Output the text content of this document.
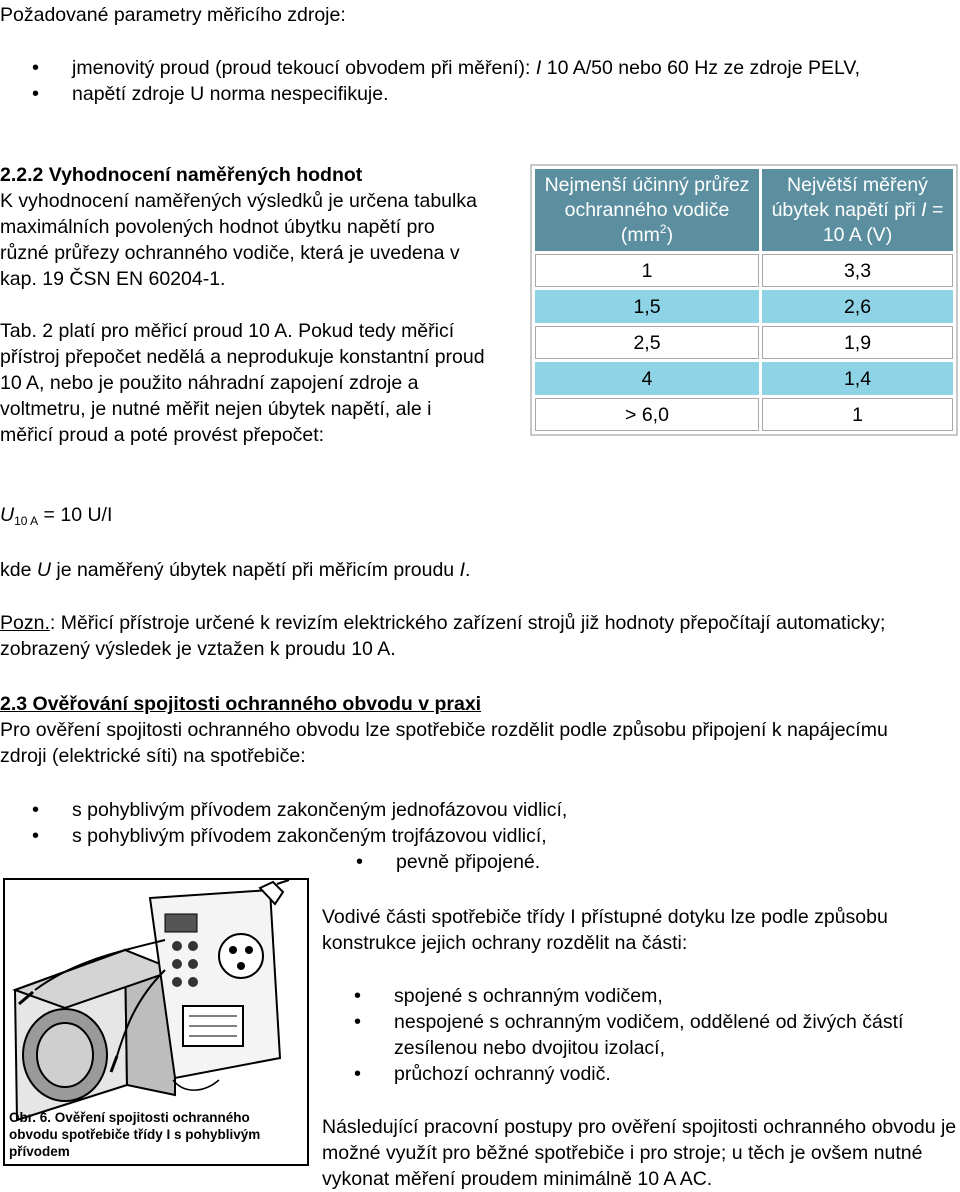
Požadované parametry měřicího zdroje:

• jmenovitý proud (proud tekoucí obvodem při měření): I 10 A/50 nebo 60 Hz ze zdroje PELV,
• napětí zdroje U norma nespecifikuje.

2.2.2 Vyhodnocení naměřených hodnot

K vyhodnocení naměřených výsledků je určena tabulka maximálních povolených hodnot úbytku napětí pro různé průřezy ochranného vodiče, která je uvedena v kap. 19 ČSN EN 60204-1.

Tab. 2 platí pro měřicí proud 10 A. Pokud tedy měřicí přístroj přepočet nedělá a neprodukuje konstantní proud 10 A, nebo je použito náhradní zapojení zdroje a voltmetru, je nutné měřit nejen úbytek napětí, ale i měřicí proud a poté provést přepočet:

Nejmenší účinný průřez ochranného vodiče $(mm^2)$	Největší měřený úbytek napětí při I = 10 A (V)
1	3,3
1,5	2,6
2,5	1,9
4	1,4
> 6,0	1

$U_{10 A} = 10$ U/I

kde U je naměřený úbytek napětí při měřicím proudu I.

Pozn.: Měřicí přístroje určené k revizím elektrického zařízení strojů již hodnoty přepočítají automaticky; zobrazený výsledek je vztažen k proudu 10 A.

2.3 Ověřování spojitosti ochranného obvodu v praxi

Pro ověření spojitosti ochranného obvodu lze spotřebiče rozdělit podle způsobu připojení k napájecímu zdroji (elektrické síti) na spotřebiče:

• s pohyblivým přívodem zakončeným jednofázovou vidlicí,
• s pohyblivým přívodem zakončeným trojfázovou vidlicí,
• pevně připojené.
Obr. 6. Ověření spojitosti ochranného obvodu spotřebiče třídy I s pohyblivým přívodem

Vodivé části spotřebiče třídy I přístupné dotyku lze podle způsobu konstrukce jejich ochrany rozdělit na části:

• spojené s ochranným vodičem,
• nespojené s ochranným vodičem, oddělené od živých částí zesílenou nebo dvojitou izolací,
• průchozí ochranný vodič.

Následující pracovní postupy pro ověření spojitosti ochranného obvodu je možné využít pro běžné spotřebiče i pro stroje; u těch je ovšem nutné vykonat měření proudem minimálně 10 A AC.
